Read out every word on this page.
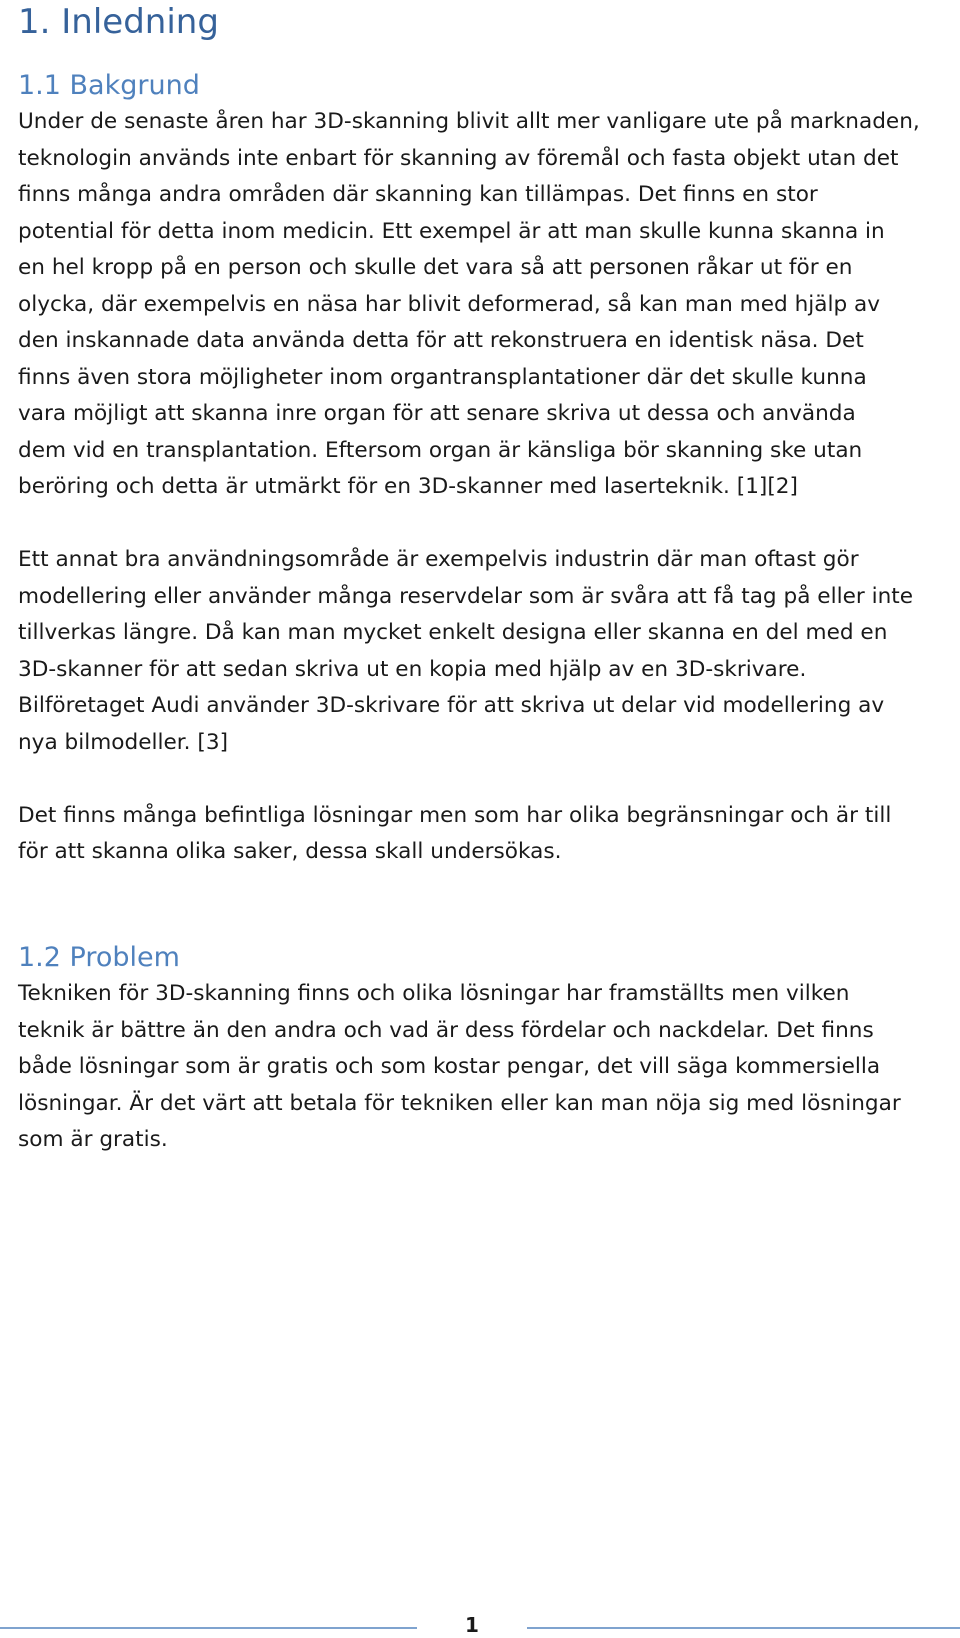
1. Inledning
1.1 Bakgrund

Under de senaste åren har 3D-skanning blivit allt mer vanligare ute på marknaden,

teknologin används inte enbart för skanning av föremål och fasta objekt utan det

finns många andra områden där skanning kan tillämpas. Det finns en stor

potential för detta inom medicin. Ett exempel är att man skulle kunna skanna in

en hel kropp på en person och skulle det vara så att personen råkar ut för en

olycka, där exempelvis en näsa har blivit deformerad, så kan man med hjälp av

den inskannade data använda detta för att rekonstruera en identisk näsa. Det

finns även stora möjligheter inom organtransplantationer där det skulle kunna

vara möjligt att skanna inre organ för att senare skriva ut dessa och använda

dem vid en transplantation. Eftersom organ är känsliga bör skanning ske utan

beröring och detta är utmärkt för en 3D-skanner med laserteknik. [1][2]

Ett annat bra användningsområde är exempelvis industrin där man oftast gör

modellering eller använder många reservdelar som är svåra att få tag på eller inte

tillverkas längre. Då kan man mycket enkelt designa eller skanna en del med en

3D-skanner för att sedan skriva ut en kopia med hjälp av en 3D-skrivare.

Bilföretaget Audi använder 3D-skrivare för att skriva ut delar vid modellering av

nya bilmodeller. [3]

Det finns många befintliga lösningar men som har olika begränsningar och är till

för att skanna olika saker, dessa skall undersökas.

1.2 Problem

Tekniken för 3D-skanning finns och olika lösningar har framställts men vilken

teknik är bättre än den andra och vad är dess fördelar och nackdelar. Det finns

både lösningar som är gratis och som kostar pengar, det vill säga kommersiella

lösningar. Är det värt att betala för tekniken eller kan man nöja sig med lösningar

som är gratis.

1
